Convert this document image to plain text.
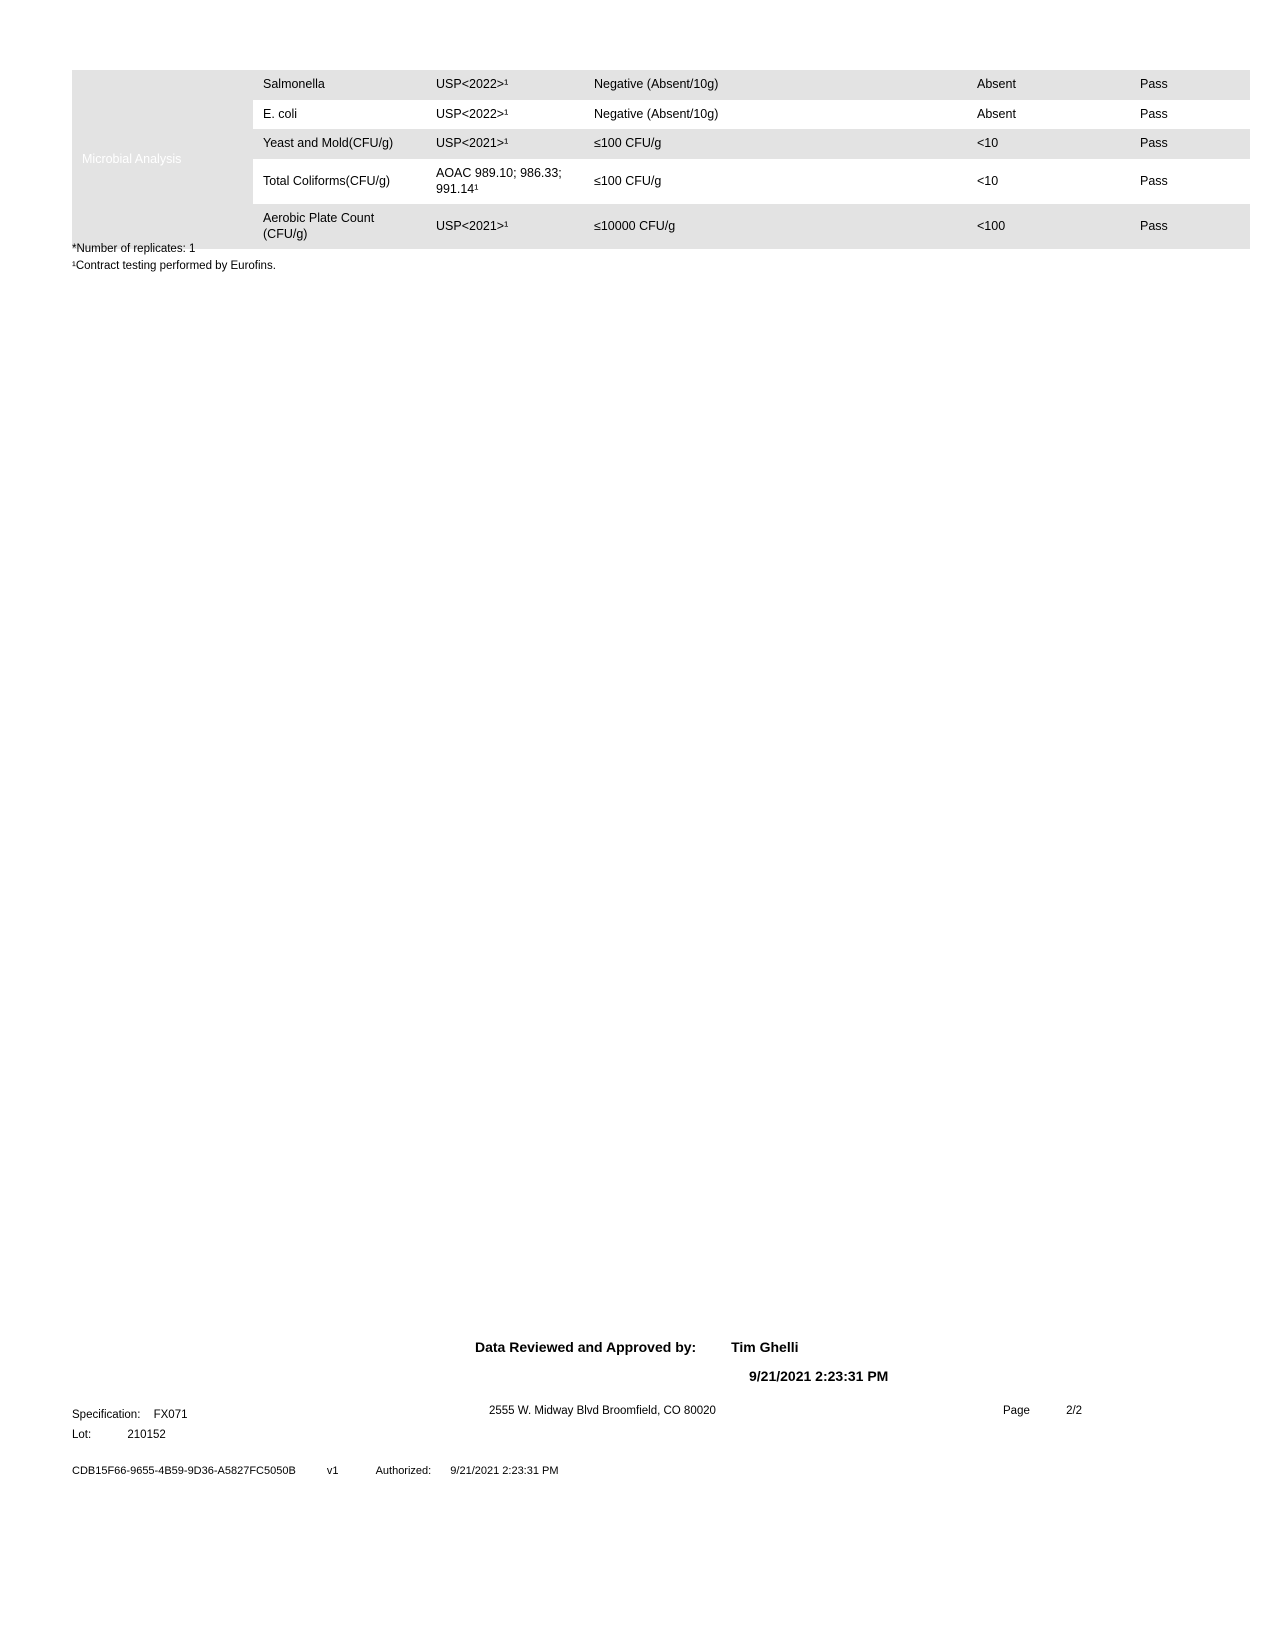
Microbial Analysis	Salmonella	USP<2022>¹	Negative (Absent/10g)	Absent	Pass
	E. coli	USP<2022>¹	Negative (Absent/10g)	Absent	Pass
	Yeast and Mold(CFU/g)	USP<2021>¹	≤100 CFU/g	<10	Pass
	Total Coliforms(CFU/g)	AOAC 989.10; 986.33; 991.14¹	≤100 CFU/g	<10	Pass
	Aerobic Plate Count (CFU/g)	USP<2021>¹	≤10000 CFU/g	<100	Pass
*Number of replicates: 1
¹Contract testing performed by Eurofins.
Data Reviewed and Approved by: Tim Ghelli
9/21/2021 2:23:31 PM
Specification: FX071
Lot:	210152
2555 W. Midway Blvd Broomfield, CO 80020	Page	2/2
CDB15F66-9655-4B59-9D36-A5827FC5050B	v1	Authorized: 9/21/2021 2:23:31 PM
